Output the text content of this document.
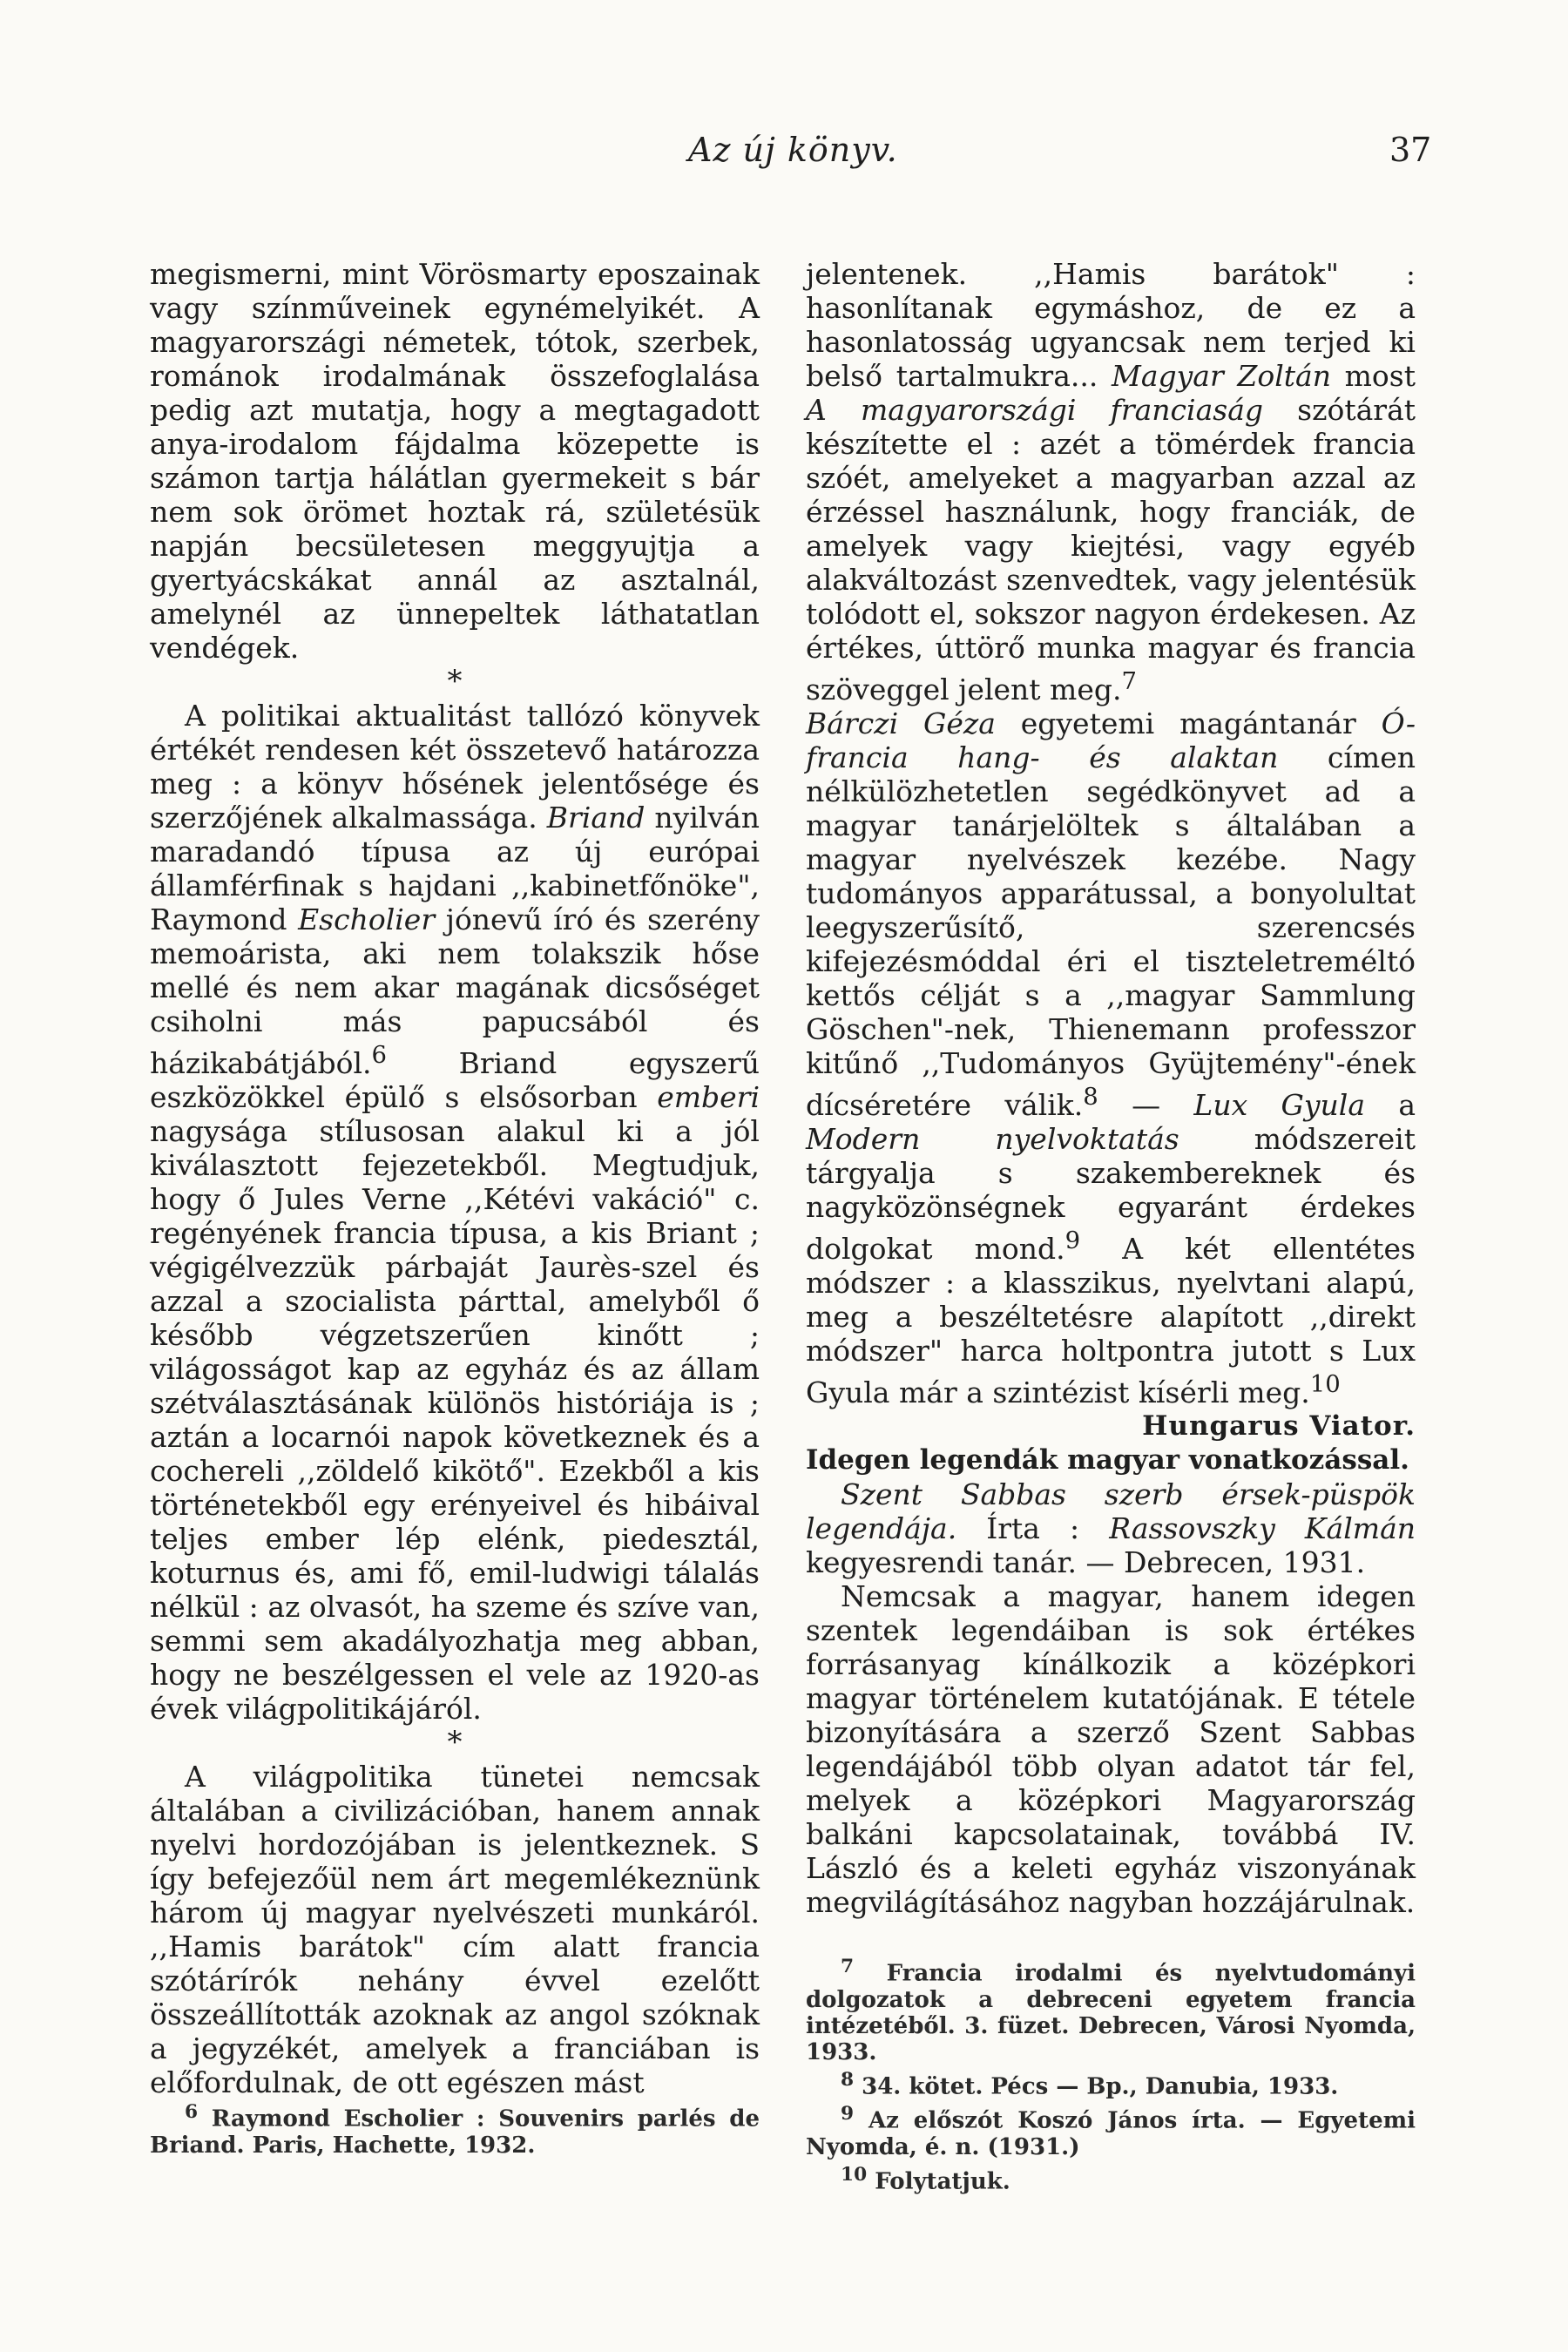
Az új könyv.	37

megismerni, mint Vörösmarty eposzainak vagy színműveinek egynémelyikét. A magyarországi németek, tótok, szerbek, románok irodalmának összefoglalása pedig azt mutatja, hogy a megtagadott anya-irodalom fájdalma közepette is számon tartja hálátlan gyermekeit s bár nem sok örömet hoztak rá, születésük napján becsületesen meggyujtja a gyertyácskákat annál az asztalnál, amelynél az ünnepeltek láthatatlan vendégek.

*

A politikai aktualitást tallózó könyvek értékét rendesen két összetevő határozza meg : a könyv hősének jelentősége és szerzőjének alkalmassága. Briand nyilván maradandó típusa az új európai államférfinak s hajdani ,,kabinetfőnöke", Raymond Escholier jónevű író és szerény memoárista, aki nem tolakszik hőse mellé és nem akar magának dicsőséget csiholni más papucsából és házikabátjából.$^6$ Briand egyszerű eszközökkel épülő s elsősorban emberi nagysága stílusosan alakul ki a jól kiválasztott fejezetekből. Megtudjuk, hogy ő Jules Verne ,,Kétévi vakáció" c. regényének francia típusa, a kis Briant ; végigélvezzük párbaját Jaurès-szel és azzal a szocialista párttal, amelyből ő később végzetszerűen kinőtt ; világosságot kap az egyház és az állam szétválasztásának különös históriája is ; aztán a locarnói napok következnek és a cochereli ,,zöldelő kikötő". Ezekből a kis történetekből egy erényeivel és hibáival teljes ember lép elénk, piedesztál, koturnus és, ami fő, emil-ludwigi tálalás nélkül : az olvasót, ha szeme és szíve van, semmi sem akadályozhatja meg abban, hogy ne beszélgessen el vele az 1920-as évek világpolitikájáról.

*

A világpolitika tünetei nemcsak általában a civilizációban, hanem annak nyelvi hordozójában is jelentkeznek. S így befejezőül nem árt megemlékeznünk három új magyar nyelvészeti munkáról. ,,Hamis barátok" cím alatt francia szótárírók nehány évvel ezelőtt összeállították azoknak az angol szóknak a jegyzékét, amelyek a franciában is előfordulnak, de ott egészen mást

$^6$ Raymond Escholier : Souvenirs parlés de Briand. Paris, Hachette, 1932.

jelentenek. ,,Hamis barátok" : hasonlítanak egymáshoz, de ez a hasonlatosság ugyancsak nem terjed ki belső tartalmukra... Magyar Zoltán most A magyarországi franciaság szótárát készítette el : azét a tömérdek francia szóét, amelyeket a magyarban azzal az érzéssel használunk, hogy franciák, de amelyek vagy kiejtési, vagy egyéb alakváltozást szenvedtek, vagy jelentésük tolódott el, sokszor nagyon érdekesen. Az értékes, úttörő munka magyar és francia szöveggel jelent meg.$^7$
Bárczi Géza egyetemi magántanár Ó-francia hang- és alaktan címen nélkülözhetetlen segédkönyvet ad a magyar tanárjelöltek s általában a magyar nyelvészek kezébe. Nagy tudományos apparátussal, a bonyolultat leegyszerűsítő, szerencsés kifejezésmóddal éri el tiszteletreméltó kettős célját s a ,,magyar Sammlung Göschen"-nek, Thienemann professzor kitűnő ,,Tudományos Gyüjtemény"-ének dícséretére válik.$^8$ — Lux Gyula a Modern nyelvoktatás módszereit tárgyalja s szakembereknek és nagyközönségnek egyaránt érdekes dolgokat mond.$^9$ A két ellentétes módszer : a klasszikus, nyelvtani alapú, meg a beszéltetésre alapított ,,direkt módszer" harca holtpontra jutott s Lux Gyula már a szintézist kísérli meg.$^{10}$

Hungarus Viator.

Idegen legendák magyar vonatkozással.

Szent Sabbas szerb érsek-püspök legendája. Írta : Rassovszky Kálmán kegyesrendi tanár. — Debrecen, 1931.

Nemcsak a magyar, hanem idegen szentek legendáiban is sok értékes forrásanyag kínálkozik a középkori magyar történelem kutatójának. E tétele bizonyítására a szerző Szent Sabbas legendájából több olyan adatot tár fel, melyek a középkori Magyarország balkáni kapcsolatainak, továbbá IV. László és a keleti egyház viszonyának megvilágításához nagyban hozzájárulnak.

$^7$ Francia irodalmi és nyelvtudományi dolgozatok a debreceni egyetem francia intézetéből. 3. füzet. Debrecen, Városi Nyomda, 1933.

$^8$ 34. kötet. Pécs — Bp., Danubia, 1933.

$^9$ Az előszót Koszó János írta. — Egyetemi Nyomda, é. n. (1931.)

$^{10}$ Folytatjuk.
